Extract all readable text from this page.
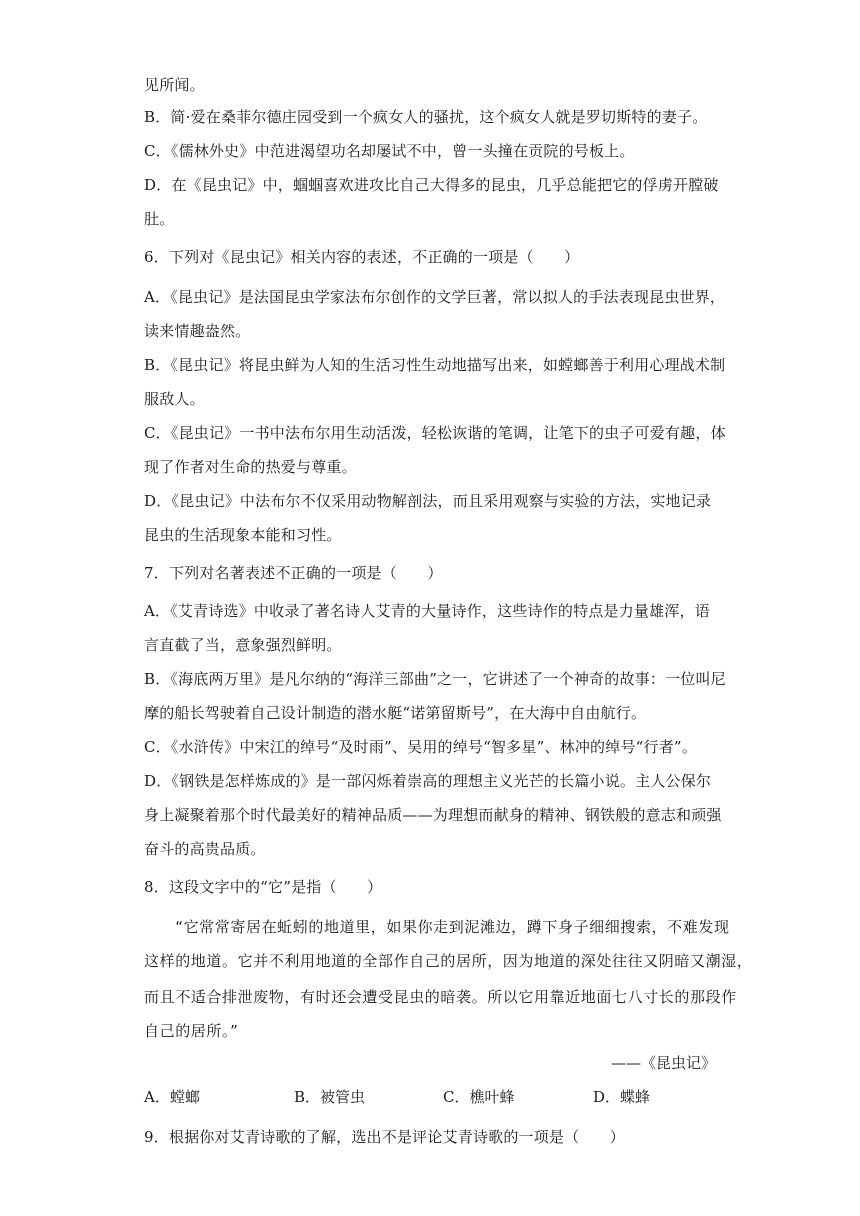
见所闻。
B．简·爱在桑菲尔德庄园受到一个疯女人的骚扰，这个疯女人就是罗切斯特的妻子。
C．《儒林外史》中范进渴望功名却屡试不中，曾一头撞在贡院的号板上。
D．在《昆虫记》中，蝈蝈喜欢进攻比自己大得多的昆虫，几乎总能把它的俘虏开膛破
肚。
6．下列对《昆虫记》相关内容的表述，不正确的一项是（　　）
A．《昆虫记》是法国昆虫学家法布尔创作的文学巨著，常以拟人的手法表现昆虫世界，
读来情趣盎然。
B．《昆虫记》将昆虫鲜为人知的生活习性生动地描写出来，如螳螂善于利用心理战术制
服敌人。
C．《昆虫记》一书中法布尔用生动活泼，轻松诙谐的笔调，让笔下的虫子可爱有趣，体
现了作者对生命的热爱与尊重。
D．《昆虫记》中法布尔不仅采用动物解剖法，而且采用观察与实验的方法，实地记录
昆虫的生活现象本能和习性。
7．下列对名著表述不正确的一项是（　　）
A．《艾青诗选》中收录了著名诗人艾青的大量诗作，这些诗作的特点是力量雄浑，语
言直截了当，意象强烈鲜明。
B．《海底两万里》是凡尔纳的“海洋三部曲”之一，它讲述了一个神奇的故事：一位叫尼
摩的船长驾驶着自己设计制造的潜水艇“诺第留斯号”，在大海中自由航行。
C．《水浒传》中宋江的绰号“及时雨”、吴用的绰号“智多星”、林冲的绰号“行者”。
D．《钢铁是怎样炼成的》是一部闪烁着崇高的理想主义光芒的长篇小说。主人公保尔
身上凝聚着那个时代最美好的精神品质——为理想而献身的精神、钢铁般的意志和顽强
奋斗的高贵品质。
8．这段文字中的“它”是指（　　）
　　“它常常寄居在蚯蚓的地道里，如果你走到泥滩边，蹲下身子细细搜索，不难发现
这样的地道。它并不利用地道的全部作自己的居所，因为地道的深处往往又阴暗又潮湿，
而且不适合排泄废物，有时还会遭受昆虫的暗袭。所以它用靠近地面七八寸长的那段作
自己的居所。”
——《昆虫记》
A．螳螂	B．被管虫	C．樵叶蜂	D．蝶蜂
9．根据你对艾青诗歌的了解，选出不是评论艾青诗歌的一项是（　　）
